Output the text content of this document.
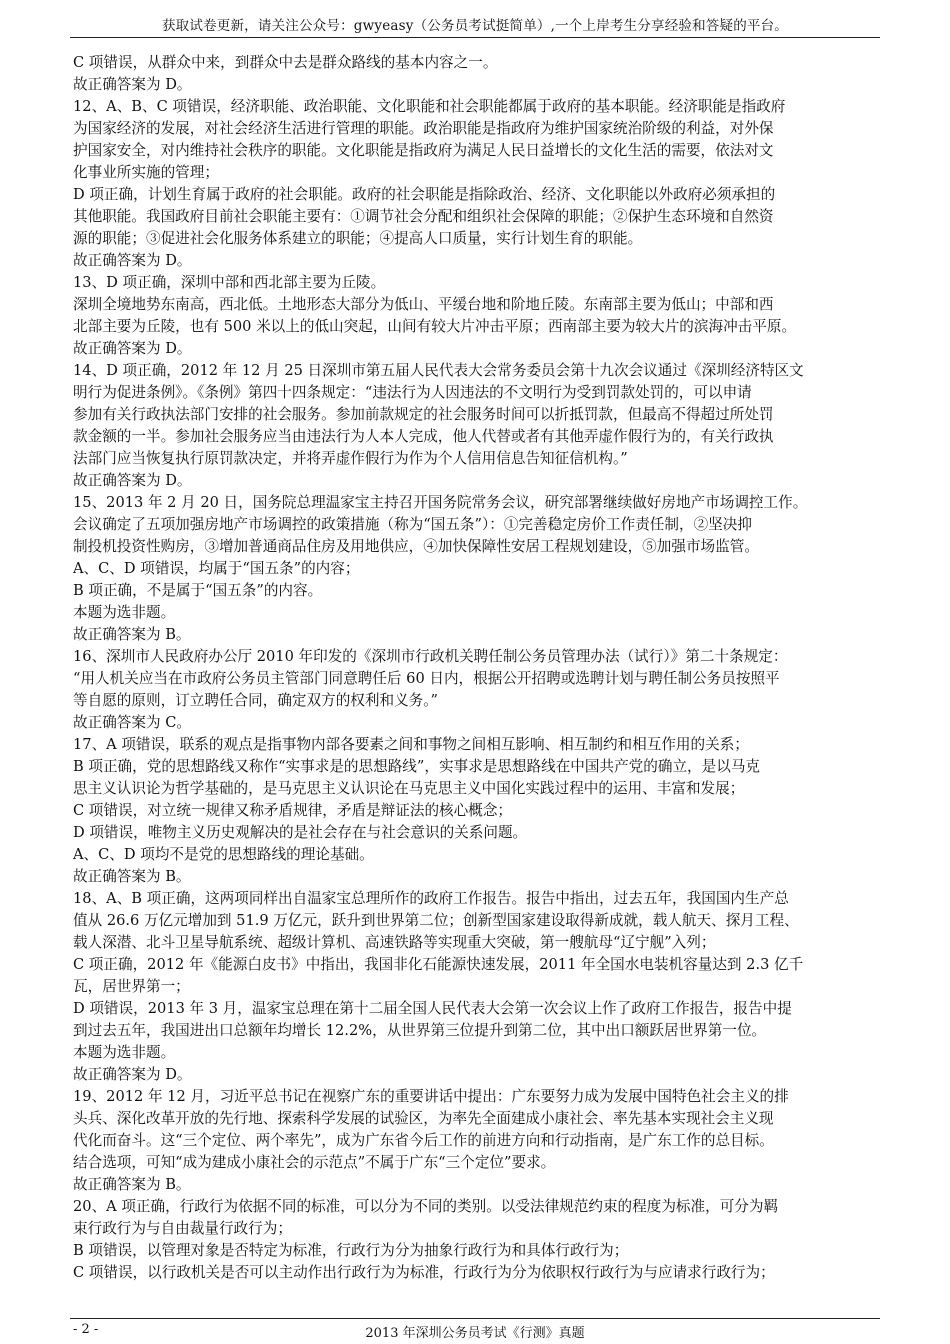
获取试卷更新，请关注公众号：gwyeasy（公务员考试挺简单）,一个上岸考生分享经验和答疑的平台。
C 项错误，从群众中来，到群众中去是群众路线的基本内容之一。
故正确答案为 D。
12、A、B、C 项错误，经济职能、政治职能、文化职能和社会职能都属于政府的基本职能。经济职能是指政府
为国家经济的发展，对社会经济生活进行管理的职能。政治职能是指政府为维护国家统治阶级的利益，对外保
护国家安全，对内维持社会秩序的职能。文化职能是指政府为满足人民日益增长的文化生活的需要，依法对文
化事业所实施的管理；
D 项正确，计划生育属于政府的社会职能。政府的社会职能是指除政治、经济、文化职能以外政府必须承担的
其他职能。我国政府目前社会职能主要有：①调节社会分配和组织社会保障的职能；②保护生态环境和自然资
源的职能；③促进社会化服务体系建立的职能；④提高人口质量，实行计划生育的职能。
故正确答案为 D。
13、D 项正确，深圳中部和西北部主要为丘陵。
深圳全境地势东南高，西北低。土地形态大部分为低山、平缓台地和阶地丘陵。东南部主要为低山；中部和西
北部主要为丘陵，也有 500 米以上的低山突起，山间有较大片冲击平原；西南部主要为较大片的滨海冲击平原。
故正确答案为 D。
14、D 项正确，2012 年 12 月 25 日深圳市第五届人民代表大会常务委员会第十九次会议通过《深圳经济特区文
明行为促进条例》。《条例》第四十四条规定：“违法行为人因违法的不文明行为受到罚款处罚的，可以申请
参加有关行政执法部门安排的社会服务。参加前款规定的社会服务时间可以折抵罚款，但最高不得超过所处罚
款金额的一半。参加社会服务应当由违法行为人本人完成，他人代替或者有其他弄虚作假行为的，有关行政执
法部门应当恢复执行原罚款决定，并将弄虚作假行为作为个人信用信息告知征信机构。”
故正确答案为 D。
15、2013 年 2 月 20 日，国务院总理温家宝主持召开国务院常务会议，研究部署继续做好房地产市场调控工作。
会议确定了五项加强房地产市场调控的政策措施（称为“国五条”）：①完善稳定房价工作责任制，②坚决抑
制投机投资性购房，③增加普通商品住房及用地供应，④加快保障性安居工程规划建设，⑤加强市场监管。
A、C、D 项错误，均属于“国五条”的内容；
B 项正确，不是属于“国五条”的内容。
本题为选非题。
故正确答案为 B。
16、深圳市人民政府办公厅 2010 年印发的《深圳市行政机关聘任制公务员管理办法（试行）》第二十条规定：
“用人机关应当在市政府公务员主管部门同意聘任后 60 日内，根据公开招聘或选聘计划与聘任制公务员按照平
等自愿的原则，订立聘任合同，确定双方的权利和义务。”
故正确答案为 C。
17、A 项错误，联系的观点是指事物内部各要素之间和事物之间相互影响、相互制约和相互作用的关系；
B 项正确，党的思想路线又称作“实事求是的思想路线”，实事求是思想路线在中国共产党的确立，是以马克
思主义认识论为哲学基础的，是马克思主义认识论在马克思主义中国化实践过程中的运用、丰富和发展；
C 项错误，对立统一规律又称矛盾规律，矛盾是辩证法的核心概念；
D 项错误，唯物主义历史观解决的是社会存在与社会意识的关系问题。
A、C、D 项均不是党的思想路线的理论基础。
故正确答案为 B。
18、A、B 项正确，这两项同样出自温家宝总理所作的政府工作报告。报告中指出，过去五年，我国国内生产总
值从 26.6 万亿元增加到 51.9 万亿元，跃升到世界第二位；创新型国家建设取得新成就，载人航天、探月工程、
载人深潜、北斗卫星导航系统、超级计算机、高速铁路等实现重大突破，第一艘航母“辽宁舰”入列；
C 项正确，2012 年《能源白皮书》中指出，我国非化石能源快速发展，2011 年全国水电装机容量达到 2.3 亿千
瓦，居世界第一；
D 项错误，2013 年 3 月，温家宝总理在第十二届全国人民代表大会第一次会议上作了政府工作报告，报告中提
到过去五年，我国进出口总额年均增长 12.2%，从世界第三位提升到第二位，其中出口额跃居世界第一位。
本题为选非题。
故正确答案为 D。
19、2012 年 12 月，习近平总书记在视察广东的重要讲话中提出：广东要努力成为发展中国特色社会主义的排
头兵、深化改革开放的先行地、探索科学发展的试验区，为率先全面建成小康社会、率先基本实现社会主义现
代化而奋斗。这“三个定位、两个率先”，成为广东省今后工作的前进方向和行动指南，是广东工作的总目标。
结合选项，可知“成为建成小康社会的示范点”不属于广东“三个定位”要求。
故正确答案为 B。
20、A 项正确，行政行为依据不同的标准，可以分为不同的类别。以受法律规范约束的程度为标准，可分为羁
束行政行为与自由裁量行政行为；
B 项错误，以管理对象是否特定为标准，行政行为分为抽象行政行为和具体行政行为；
C 项错误，以行政机关是否可以主动作出行政行为为标准，行政行为分为依职权行政行为与应请求行政行为；
- 2 -	2013 年深圳公务员考试《行测》真题
